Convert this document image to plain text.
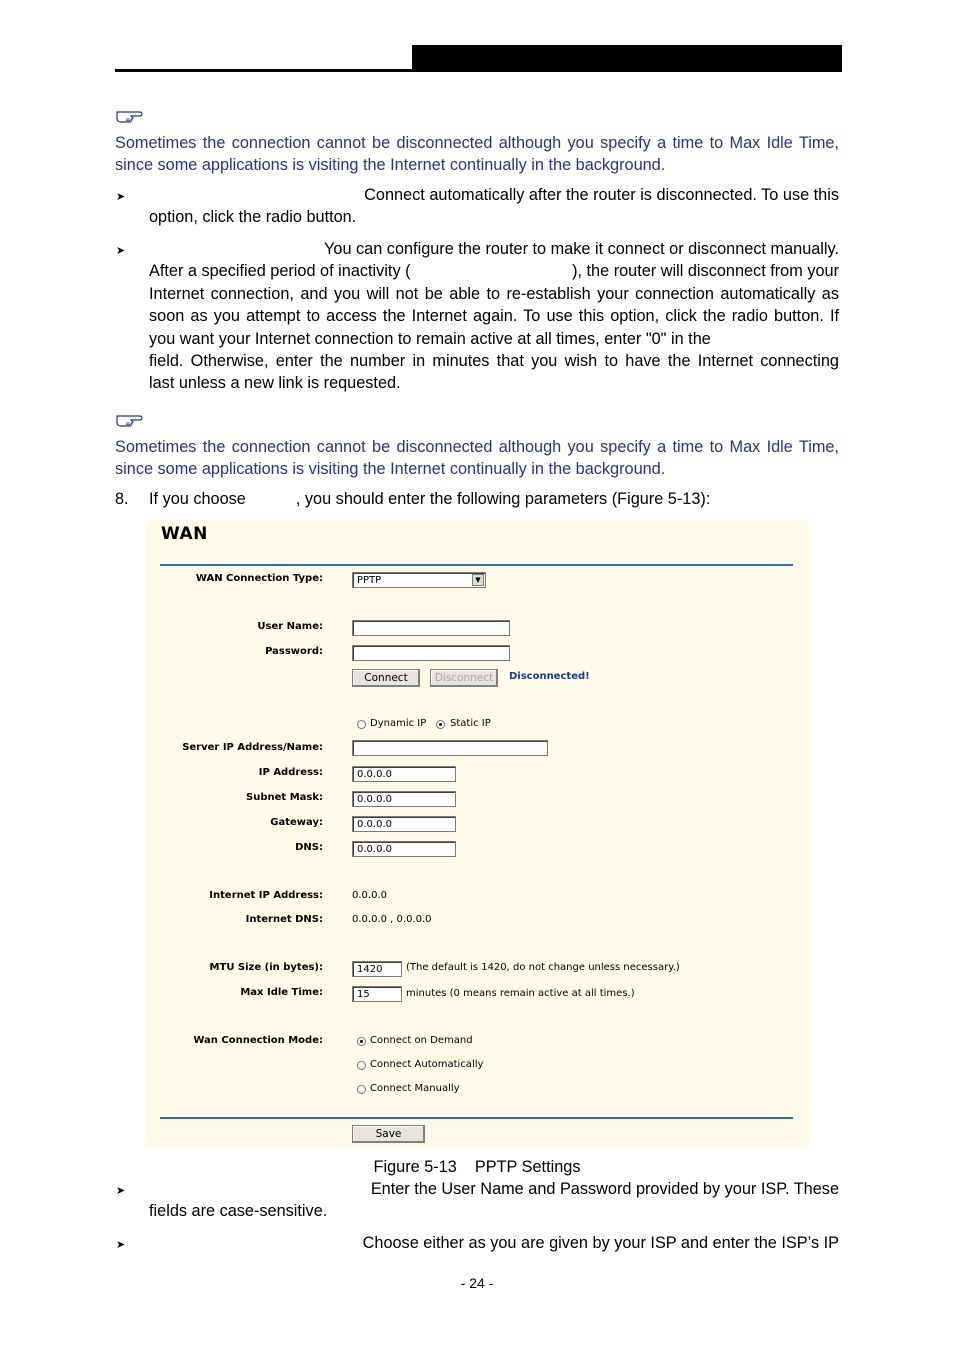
Sometimes the connection cannot be disconnected although you specify a time to Max Idle Time, since some applications is visiting the Internet continually in the background.
➤	Connect automatically after the router is disconnected. To use this
option, click the radio button.
➤	You can configure the router to make it connect or disconnect manually.
After a specified period of inactivity (	), the router will disconnect from your
Internet connection, and you will not be able to re-establish your connection automatically as
soon as you attempt to access the Internet again. To use this option, click the radio button. If
you want your Internet connection to remain active at all times, enter "0" in the
field. Otherwise, enter the number in minutes that you wish to have the Internet connecting
last unless a new link is requested.
Sometimes the connection cannot be disconnected although you specify a time to Max Idle Time, since some applications is visiting the Internet continually in the background.
8. If you choose	, you should enter the following parameters (Figure 5-13):
WAN
WAN Connection Type:	PPTP	▼
User Name:
Password:
Connect	Disconnect	Disconnected!
Dynamic IP Static IP
Server IP Address/Name:
IP Address:	0.0.0.0
Subnet Mask:	0.0.0.0
Gateway:	0.0.0.0
DNS:	0.0.0.0
Internet IP Address:	0.0.0.0
Internet DNS:	0.0.0.0 , 0.0.0.0
MTU Size (in bytes):	1420	(The default is 1420, do not change unless necessary.)
Max Idle Time:	15	minutes (0 means remain active at all times.)
Wan Connection Mode:	Connect on Demand
Connect Automatically
Connect Manually
Save
Figure 5-13    PPTP Settings
➤	Enter the User Name and Password provided by your ISP. These
fields are case-sensitive.
➤	Choose either as you are given by your ISP and enter the ISP’s IP
- 24 -
